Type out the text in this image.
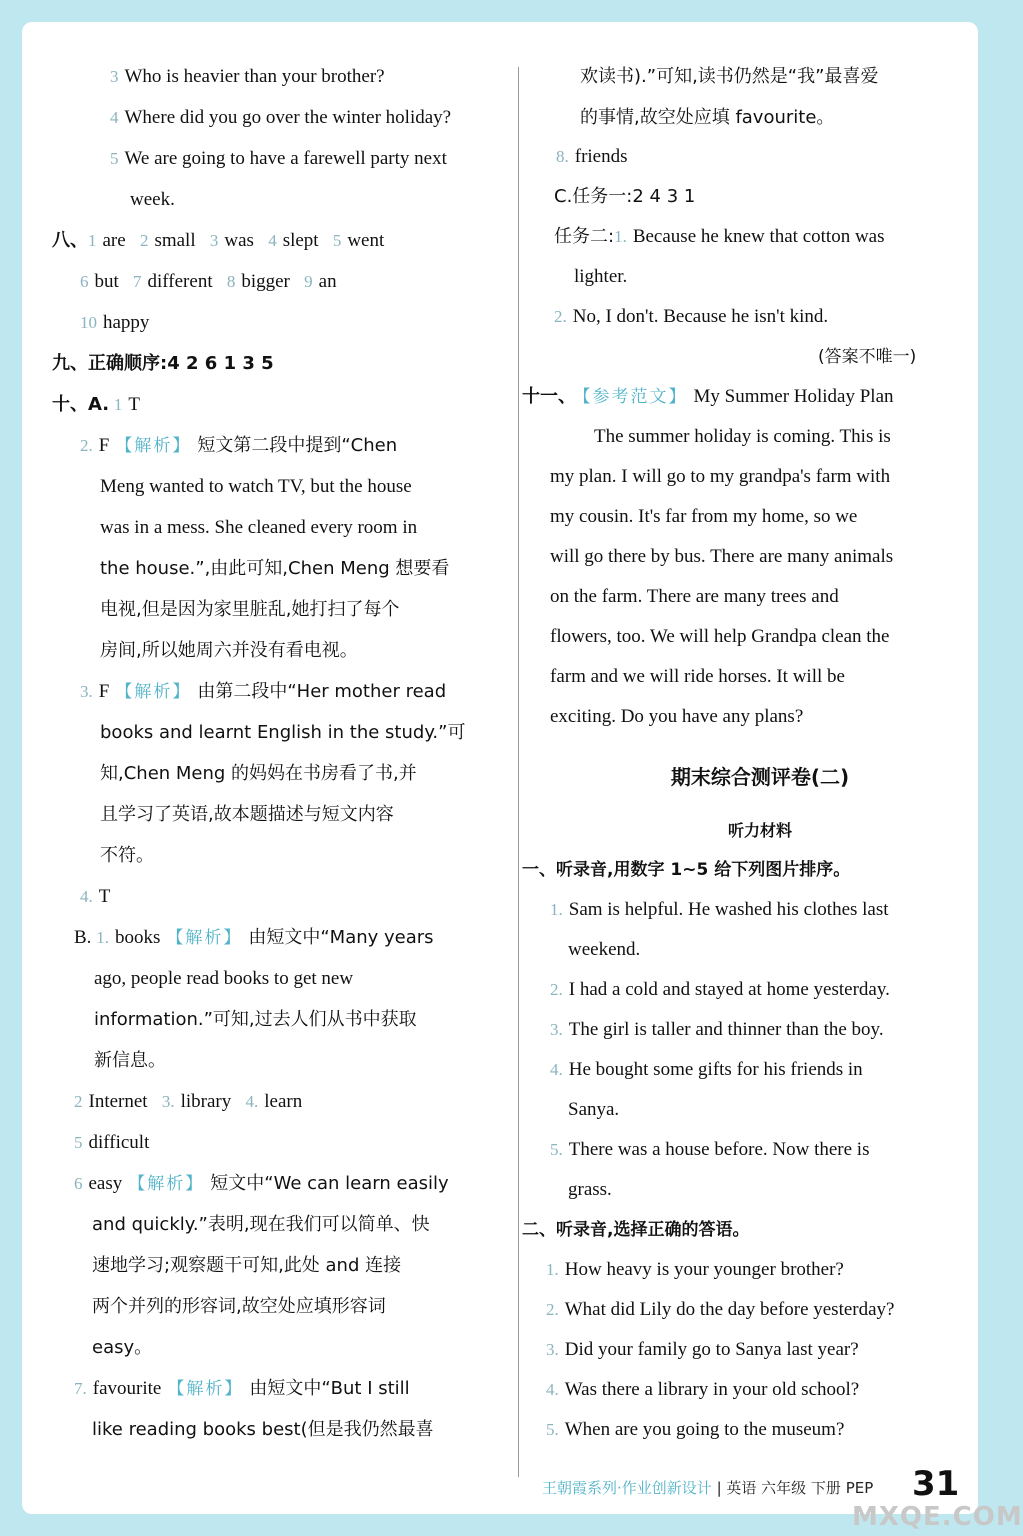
3 Who is heavier than your brother?
4 Where did you go over the winter holiday?
5 We are going to have a farewell party next
week.
八、1 are 2 small 3 was 4 slept 5 went
6 but 7 different 8 bigger 9 an
10 happy
九、正确顺序:4 2 6 1 3 5
十、A. 1 T
2. F 【解析】 短文第二段中提到“Chen
Meng wanted to watch TV, but the house
was in a mess. She cleaned every room in
the house.”,由此可知,Chen Meng 想要看
电视,但是因为家里脏乱,她打扫了每个
房间,所以她周六并没有看电视。
3. F 【解析】 由第二段中“Her mother read
books and learnt English in the study.”可
知,Chen Meng 的妈妈在书房看了书,并
且学习了英语,故本题描述与短文内容
不符。
4. T
B. 1. books 【解析】 由短文中“Many years
ago, people read books to get new
information.”可知,过去人们从书中获取
新信息。
2 Internet 3. library 4. learn
5 difficult
6 easy 【解析】 短文中“We can learn easily
and quickly.”表明,现在我们可以简单、快
速地学习;观察题干可知,此处 and 连接
两个并列的形容词,故空处应填形容词
easy。
7. favourite 【解析】 由短文中“But I still
like reading books best(但是我仍然最喜
欢读书).”可知,读书仍然是“我”最喜爱
的事情,故空处应填 favourite。
8. friends
C.任务一:2 4 3 1
任务二:1. Because he knew that cotton was
lighter.
2. No, I don't. Because he isn't kind.
(答案不唯一)
十一、 【参考范文】 My Summer Holiday Plan
The summer holiday is coming. This is
my plan. I will go to my grandpa's farm with
my cousin. It's far from my home, so we
will go there by bus. There are many animals
on the farm. There are many trees and
flowers, too. We will help Grandpa clean the
farm and we will ride horses. It will be
exciting. Do you have any plans?
期末综合测评卷(二)
听力材料
一、听录音,用数字 1~5 给下列图片排序。
1. Sam is helpful. He washed his clothes last
weekend.
2. I had a cold and stayed at home yesterday.
3. The girl is taller and thinner than the boy.
4. He bought some gifts for his friends in
Sanya.
5. There was a house before. Now there is
grass.
二、听录音,选择正确的答语。
1. How heavy is your younger brother?
2. What did Lily do the day before yesterday?
3. Did your family go to Sanya last year?
4. Was there a library in your old school?
5. When are you going to the museum?
王朝霞系列·作业创新设计 | 英语 六年级 下册 PEP 31
MXQE.COM
